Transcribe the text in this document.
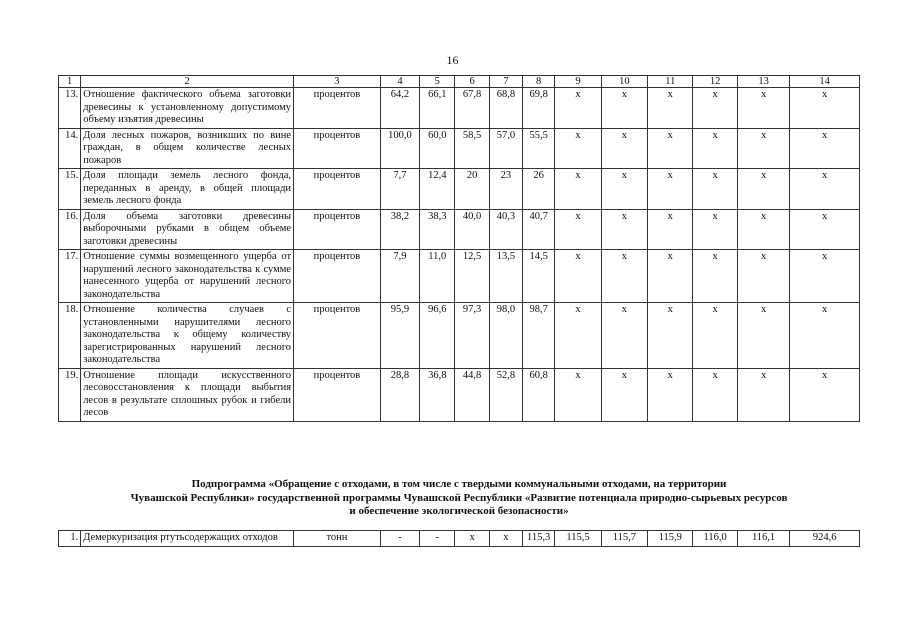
16
1	2	3	4	5	6	7	8	9	10	11	12	13	14
13.	Отношение фактического объема заготовки древесины к установленному допустимому объему изъятия древесины	процентов	64,2	66,1	67,8	68,8	69,8	x	x	x	x	x	x
14.	Доля лесных пожаров, возникших по вине граждан, в общем количестве лесных пожаров	процентов	100,0	60,0	58,5	57,0	55,5	x	x	x	x	x	x
15.	Доля площади земель лесного фонда, переданных в аренду, в общей площади земель лесного фонда	процентов	7,7	12,4	20	23	26	x	x	x	x	x	x
16.	Доля объема заготовки древесины выборочными рубками в общем объеме заготовки древесины	процентов	38,2	38,3	40,0	40,3	40,7	x	x	x	x	x	x
17.	Отношение суммы возмещенного ущерба от нарушений лесного законодательства к сумме нанесенного ущерба от нарушений лесного законодательства	процентов	7,9	11,0	12,5	13,5	14,5	x	x	x	x	x	x
18.	Отношение количества случаев с установленными нарушителями лесного законодательства к общему количеству зарегистрированных нарушений лесного законодательства	процентов	95,9	96,6	97,3	98,0	98,7	x	x	x	x	x	x
19.	Отношение площади искусственного лесовосстановления к площади выбытия лесов в результате сплошных рубок и гибели лесов	процентов	28,8	36,8	44,8	52,8	60,8	x	x	x	x	x	x
Подпрограмма «Обращение с отходами, в том числе с твердыми коммунальными отходами, на территории
Чувашской Республики» государственной программы Чувашской Республики «Развитие потенциала природно-сырьевых ресурсов
и обеспечение экологической безопасности»
1.	Демеркуризация ртутьсодержащих отходов	тонн	-	-	x	x	115,3	115,5	115,7	115,9	116,0	116,1	924,6
